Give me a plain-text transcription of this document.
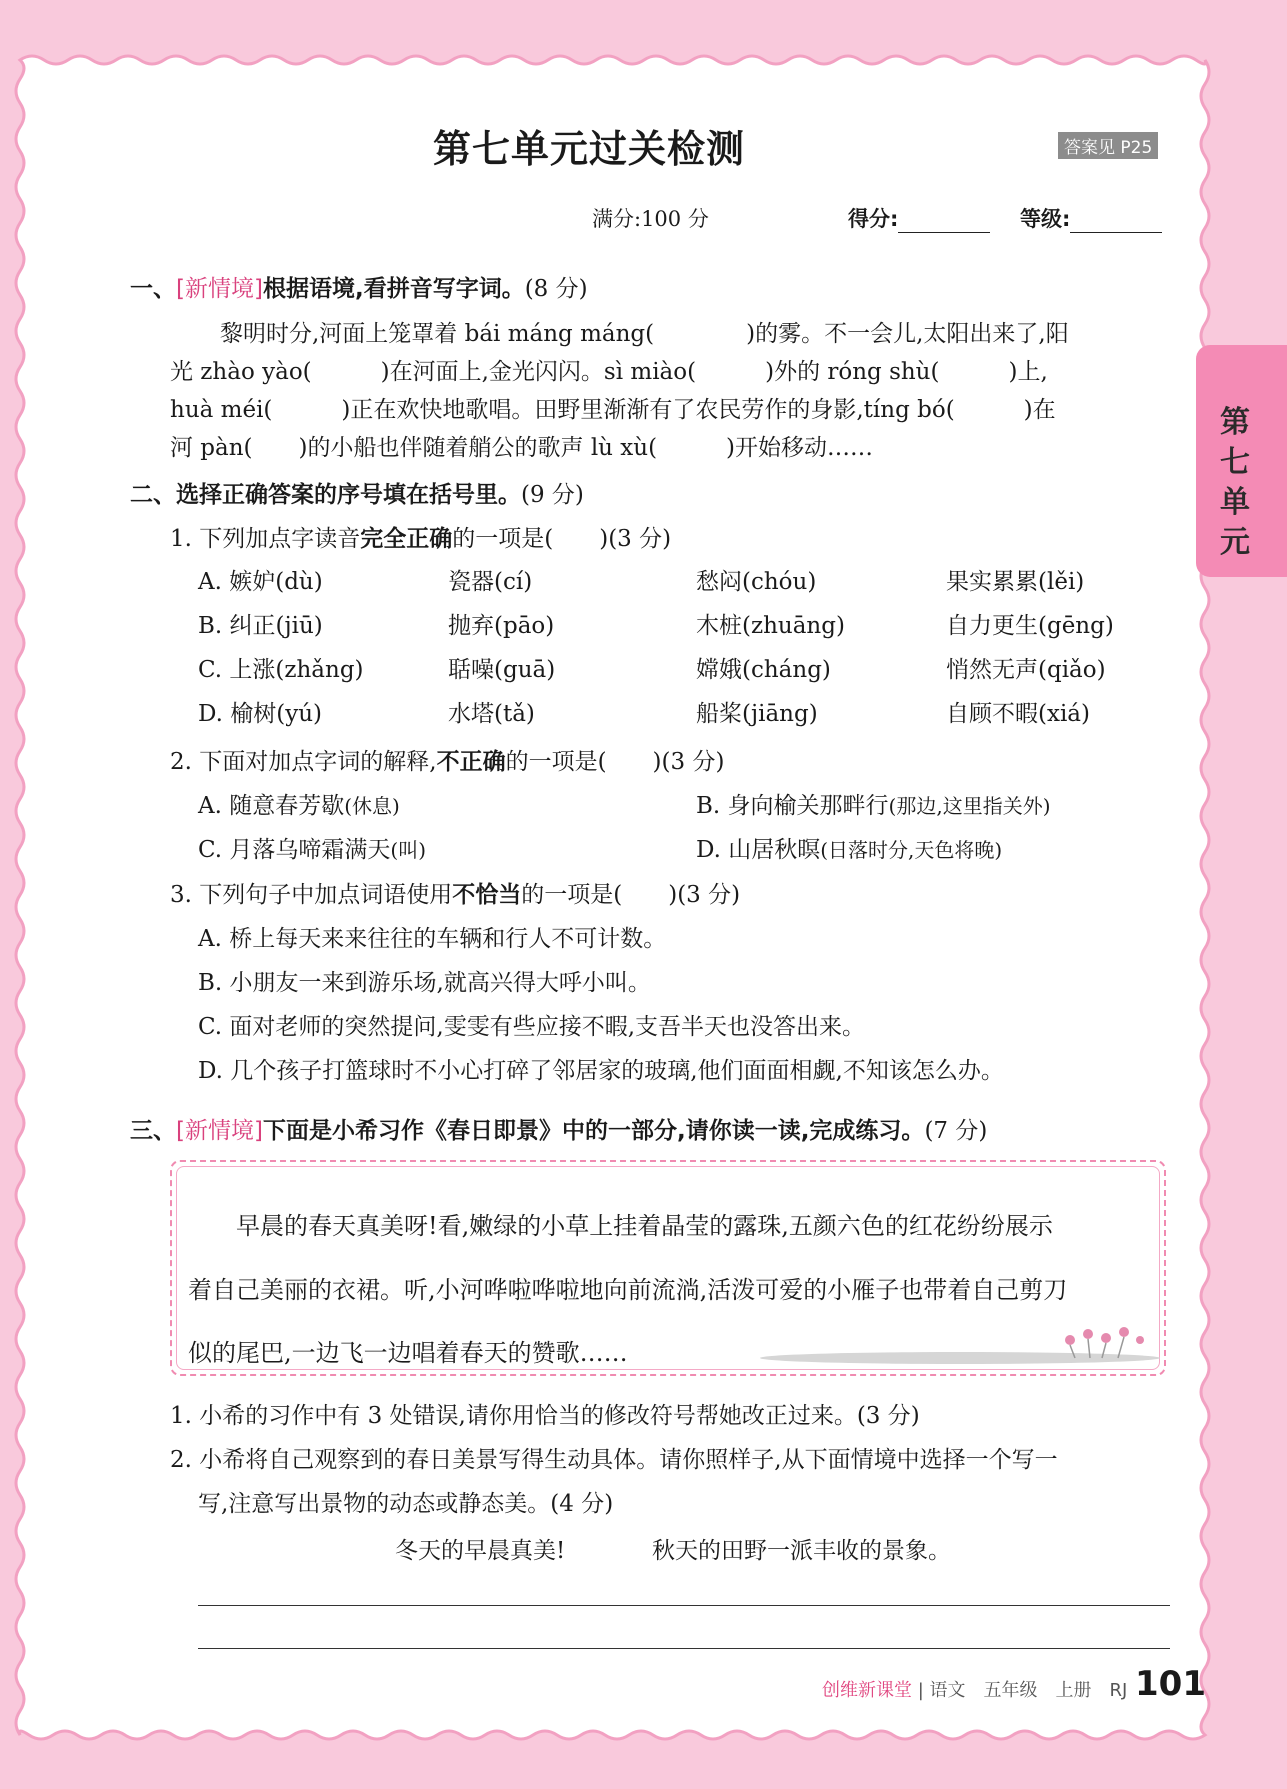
第七单元
第七单元过关检测	答案见 P25
满分:100 分	得分:	等级:
一、[新情境]根据语境,看拼音写字词。(8 分)
黎明时分,河面上笼罩着 bái máng máng(　　　　)的雾。不一会儿,太阳出来了,阳
光 zhào yào(　　　)在河面上,金光闪闪。sì miào(　　　)外的 róng shù(　　　)上,
huà méi(　　　)正在欢快地歌唱。田野里渐渐有了农民劳作的身影,tíng bó(　　　)在
河 pàn(　　)的小船也伴随着艄公的歌声 lù xù(　　　)开始移动……
二、选择正确答案的序号填在括号里。(9 分)
1. 下列加点字读音完全正确的一项是(　　)(3 分)
A. 嫉妒(dù)	瓷器(cí)	愁闷(chóu)	果实累累(lěi)
B. 纠正(jiū)	抛弃(pāo)	木桩(zhuāng)	自力更生(gēng)
C. 上涨(zhǎng)	聒噪(guā)	嫦娥(cháng)	悄然无声(qiǎo)
D. 榆树(yú)	水塔(tǎ)	船桨(jiāng)	自顾不暇(xiá)
2. 下面对加点字词的解释,不正确的一项是(　　)(3 分)
A. 随意春芳歇(休息)	B. 身向榆关那畔行(那边,这里指关外)
C. 月落乌啼霜满天(叫)	D. 山居秋暝(日落时分,天色将晚)
3. 下列句子中加点词语使用不恰当的一项是(　　)(3 分)
A. 桥上每天来来往往的车辆和行人不可计数。
B. 小朋友一来到游乐场,就高兴得大呼小叫。
C. 面对老师的突然提问,雯雯有些应接不暇,支吾半天也没答出来。
D. 几个孩子打篮球时不小心打碎了邻居家的玻璃,他们面面相觑,不知该怎么办。
三、[新情境]下面是小希习作《春日即景》中的一部分,请你读一读,完成练习。(7 分)
早晨的春天真美呀!看,嫩绿的小草上挂着晶莹的露珠,五颜六色的红花纷纷展示
着自己美丽的衣裙。听,小河哗啦哗啦地向前流淌,活泼可爱的小雁子也带着自己剪刀
似的尾巴,一边飞一边唱着春天的赞歌……
1. 小希的习作中有 3 处错误,请你用恰当的修改符号帮她改正过来。(3 分)
2. 小希将自己观察到的春日美景写得生动具体。请你照样子,从下面情境中选择一个写一
写,注意写出景物的动态或静态美。(4 分)
冬天的早晨真美!	秋天的田野一派丰收的景象。
创维新课堂 | 语文　五年级　上册　RJ 101
